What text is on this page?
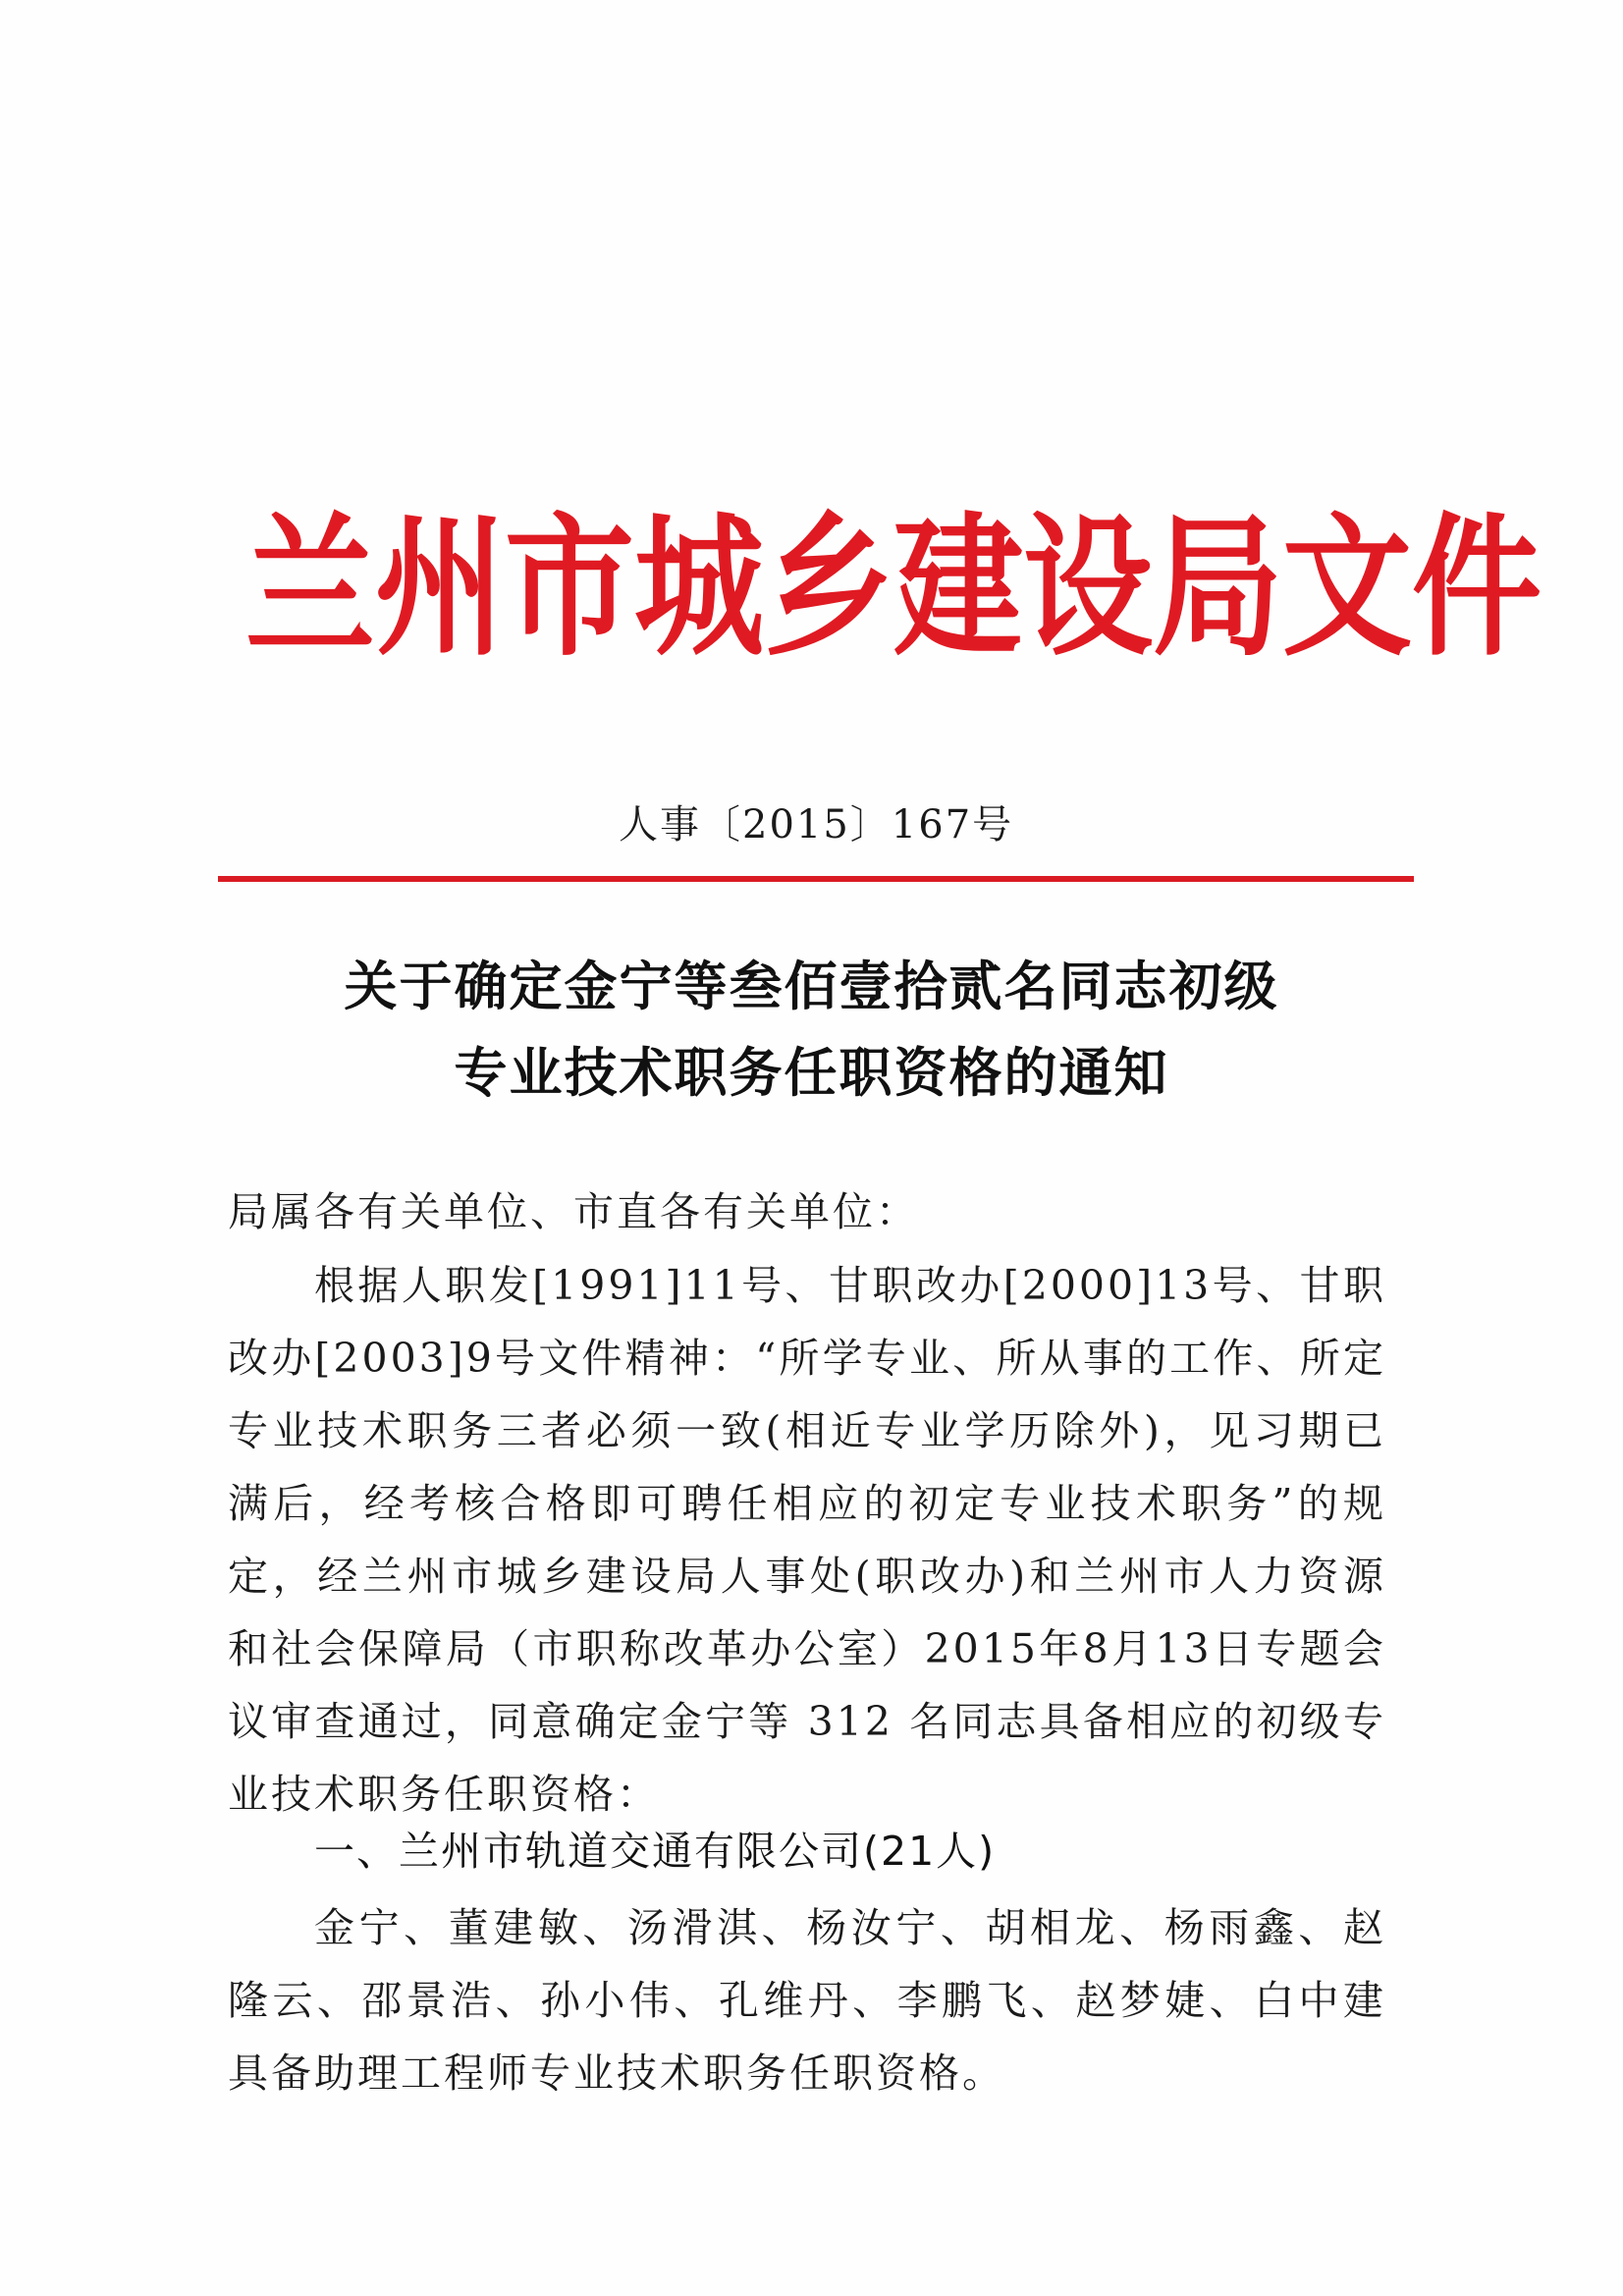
兰 州 市 城 乡 建 设 局 文 件
人事〔2015〕167号
关于确定金宁等叁佰壹拾贰名同志初级
专业技术职务任职资格的通知
局属各有关单位、市直各有关单位：
根据人职发[1991]11号、甘职改办[2000]13号、甘职改办[2003]9号文件精神：“所学专业、所从事的工作、所定专业技术职务三者必须一致(相近专业学历除外)，见习期已满后，经考核合格即可聘任相应的初定专业技术职务”的规定，经兰州市城乡建设局人事处(职改办)和兰州市人力资源和社会保障局（市职称改革办公室）2015年8月13日专题会议审查通过，同意确定金宁等 312 名同志具备相应的初级专业技术职务任职资格：
一、兰州市轨道交通有限公司(21人)
金宁、董建敏、汤滑淇、杨汝宁、胡相龙、杨雨鑫、赵隆云、邵景浩、孙小伟、孔维丹、李鹏飞、赵梦婕、白中建具备助理工程师专业技术职务任职资格。
